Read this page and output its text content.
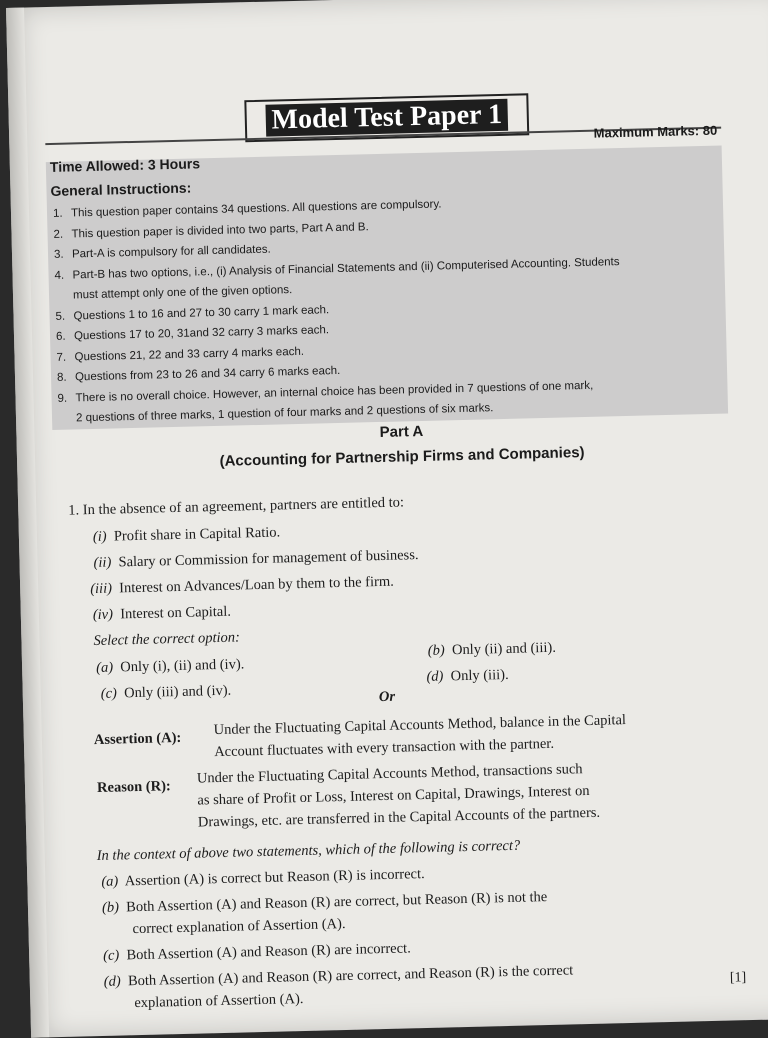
Model Test Paper 1
Time Allowed: 3 Hours
Maximum Marks: 80
General Instructions:
1. This question paper contains 34 questions. All questions are compulsory.
2. This question paper is divided into two parts, Part A and B.
3. Part-A is compulsory for all candidates.
4. Part-B has two options, i.e., (i) Analysis of Financial Statements and (ii) Computerised Accounting. Students
must attempt only one of the given options.
5. Questions 1 to 16 and 27 to 30 carry 1 mark each.
6. Questions 17 to 20, 31and 32 carry 3 marks each.
7. Questions 21, 22 and 33 carry 4 marks each.
8. Questions from 23 to 26 and 34 carry 6 marks each.
9. There is no overall choice. However, an internal choice has been provided in 7 questions of one mark,
2 questions of three marks, 1 question of four marks and 2 questions of six marks.
Part A
(Accounting for Partnership Firms and Companies)
1. In the absence of an agreement, partners are entitled to:
(i) Profit share in Capital Ratio.
(ii) Salary or Commission for management of business.
(iii) Interest on Advances/Loan by them to the firm.
(iv) Interest on Capital.
Select the correct option:
(a) Only (i), (ii) and (iv).
(b) Only (ii) and (iii).
(c) Only (iii) and (iv).
(d) Only (iii).
Or
Assertion (A):
Under the Fluctuating Capital Accounts Method, balance in the Capital
Account fluctuates with every transaction with the partner.
Reason (R):
Under the Fluctuating Capital Accounts Method, transactions such
as share of Profit or Loss, Interest on Capital, Drawings, Interest on
Drawings, etc. are transferred in the Capital Accounts of the partners.
In the context of above two statements, which of the following is correct?
(a) Assertion (A) is correct but Reason (R) is incorrect.
(b) Both Assertion (A) and Reason (R) are correct, but Reason (R) is not the
correct explanation of Assertion (A).
(c) Both Assertion (A) and Reason (R) are incorrect.
(d) Both Assertion (A) and Reason (R) are correct, and Reason (R) is the correct
explanation of Assertion (A).
[1]
